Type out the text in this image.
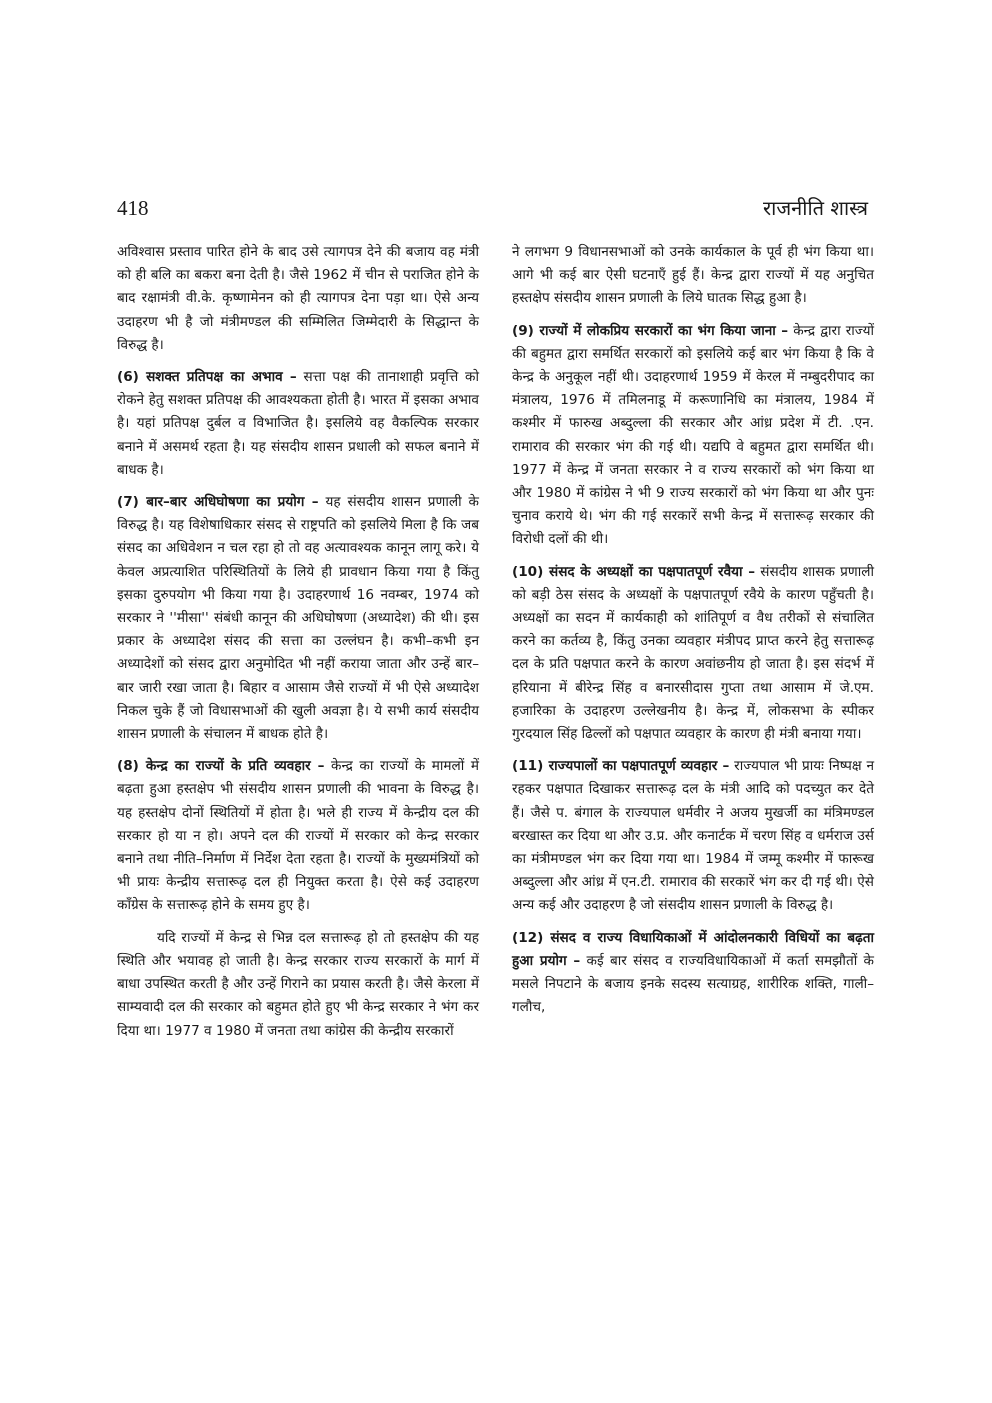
418	राजनीति शास्त्र

अविश्वास प्रस्ताव पारित होने के बाद उसे त्यागपत्र देने की बजाय वह मंत्री को ही बलि का बकरा बना देती है। जैसे 1962 में चीन से पराजित होने के बाद रक्षामंत्री वी.के. कृष्णामेनन को ही त्यागपत्र देना पड़ा था। ऐसे अन्य उदाहरण भी है जो मंत्रीमण्डल की सम्मिलित जिम्मेदारी के सिद्धान्त के विरुद्ध है।

(6) सशक्त प्रतिपक्ष का अभाव – सत्ता पक्ष की तानाशाही प्रवृत्ति को रोकने हेतु सशक्त प्रतिपक्ष की आवश्यकता होती है। भारत में इसका अभाव है। यहां प्रतिपक्ष दुर्बल व विभाजित है। इसलिये वह वैकल्पिक सरकार बनाने में असमर्थ रहता है। यह संसदीय शासन प्रधाली को सफल बनाने में बाधक है।

(7) बार–बार अधिघोषणा का प्रयोग – यह संसदीय शासन प्रणाली के विरुद्ध है। यह विशेषाधिकार संसद से राष्ट्रपति को इसलिये मिला है कि जब संसद का अधिवेशन न चल रहा हो तो वह अत्यावश्यक कानून लागू करे। ये केवल अप्रत्याशित परिस्थितियों के लिये ही प्रावधान किया गया है किंतु इसका दुरुपयोग भी किया गया है। उदाहरणार्थ 16 नवम्बर, 1974 को सरकार ने ''मीसा'' संबंधी कानून की अधिघोषणा (अध्यादेश) की थी। इस प्रकार के अध्यादेश संसद की सत्ता का उल्लंघन है। कभी–कभी इन अध्यादेशों को संसद द्वारा अनुमोदित भी नहीं कराया जाता और उन्हें बार–बार जारी रखा जाता है। बिहार व आसाम जैसे राज्यों में भी ऐसे अध्यादेश निकल चुके हैं जो विधासभाओं की खुली अवज्ञा है। ये सभी कार्य संसदीय शासन प्रणाली के संचालन में बाधक होते है।

(8) केन्द्र का राज्यों के प्रति व्यवहार – केन्द्र का राज्यों के मामलों में बढ़ता हुआ हस्तक्षेप भी संसदीय शासन प्रणाली की भावना के विरुद्ध है। यह हस्तक्षेप दोनों स्थितियों में होता है। भले ही राज्य में केन्द्रीय दल की सरकार हो या न हो। अपने दल की राज्यों में सरकार को केन्द्र सरकार बनाने तथा नीति–निर्माण में निर्देश देता रहता है। राज्यों के मुख्यमंत्रियों को भी प्रायः केन्द्रीय सत्तारूढ़ दल ही नियुक्त करता है। ऐसे कई उदाहरण कॉंग्रेस के सत्तारूढ़ होने के समय हुए है।

यदि राज्यों में केन्द्र से भिन्न दल सत्तारूढ़ हो तो हस्तक्षेप की यह स्थिति और भयावह हो जाती है। केन्द्र सरकार राज्य सरकारों के मार्ग में बाधा उपस्थित करती है और उन्हें गिराने का प्रयास करती है। जैसे केरला में साम्यवादी दल की सरकार को बहुमत होते हुए भी केन्द्र सरकार ने भंग कर दिया था। 1977 व 1980 में जनता तथा कांग्रेस की केन्द्रीय सरकारों

ने लगभग 9 विधानसभाओं को उनके कार्यकाल के पूर्व ही भंग किया था। आगे भी कई बार ऐसी घटनाएँ हुई हैं। केन्द्र द्वारा राज्यों में यह अनुचित हस्तक्षेप संसदीय शासन प्रणाली के लिये घातक सिद्ध हुआ है।

(9) राज्यों में लोकप्रिय सरकारों का भंग किया जाना – केन्द्र द्वारा राज्यों की बहुमत द्वारा समर्थित सरकारों को इसलिये कई बार भंग किया है कि वे केन्द्र के अनुकूल नहीं थी। उदाहरणार्थ 1959 में केरल में नम्बुदरीपाद का मंत्रालय, 1976 में तमिलनाडू में करूणानिधि का मंत्रालय, 1984 में कश्मीर में फारुख अब्दुल्ला की सरकार और आंध्र प्रदेश में टी. .एन. रामाराव की सरकार भंग की गई थी। यद्यपि वे बहुमत द्वारा समर्थित थी। 1977 में केन्द्र में जनता सरकार ने व राज्य सरकारों को भंग किया था और 1980 में कांग्रेस ने भी 9 राज्य सरकारों को भंग किया था और पुनः चुनाव कराये थे। भंग की गई सरकारें सभी केन्द्र में सत्तारूढ़ सरकार की विरोधी दलों की थी।

(10) संसद के अध्यक्षों का पक्षपातपूर्ण रवैया – संसदीय शासक प्रणाली को बड़ी ठेस संसद के अध्यक्षों के पक्षपातपूर्ण रवैये के कारण पहुँचती है। अध्यक्षों का सदन में कार्यकाही को शांतिपूर्ण व वैध तरीकों से संचालित करने का कर्तव्य है, किंतु उनका व्यवहार मंत्रीपद प्राप्त करने हेतु सत्तारूढ़ दल के प्रति पक्षपात करने के कारण अवांछनीय हो जाता है। इस संदर्भ में हरियाना में बीरेन्द्र सिंह व बनारसीदास गुप्ता तथा आसाम में जे.एम. हजारिका के उदाहरण उल्लेखनीय है। केन्द्र में, लोकसभा के स्पीकर गुरदयाल सिंह ढिल्लों को पक्षपात व्यवहार के कारण ही मंत्री बनाया गया।

(11) राज्यपालों का पक्षपातपूर्ण व्यवहार – राज्यपाल भी प्रायः निष्पक्ष न रहकर पक्षपात दिखाकर सत्तारूढ़ दल के मंत्री आदि को पदच्युत कर देते हैं। जैसे प. बंगाल के राज्यपाल धर्मवीर ने अजय मुखर्जी का मंत्रिमण्डल बरखास्त कर दिया था और उ.प्र. और कनार्टक में चरण सिंह व धर्मराज उर्स का मंत्रीमण्डल भंग कर दिया गया था। 1984 में जम्मू कश्मीर में फारूख अब्दुल्ला और आंध्र में एन.टी. रामाराव की सरकारें भंग कर दी गई थी। ऐसे अन्य कई और उदाहरण है जो संसदीय शासन प्रणाली के विरुद्ध है।

(12) संसद व राज्य विधायिकाओं में आंदोलनकारी विधियों का बढ़ता हुआ प्रयोग – कई बार संसद व राज्यविधायिकाओं में कर्ता समझौतों के मसले निपटाने के बजाय इनके सदस्य सत्याग्रह, शारीरिक शक्ति, गाली–गलौच,
